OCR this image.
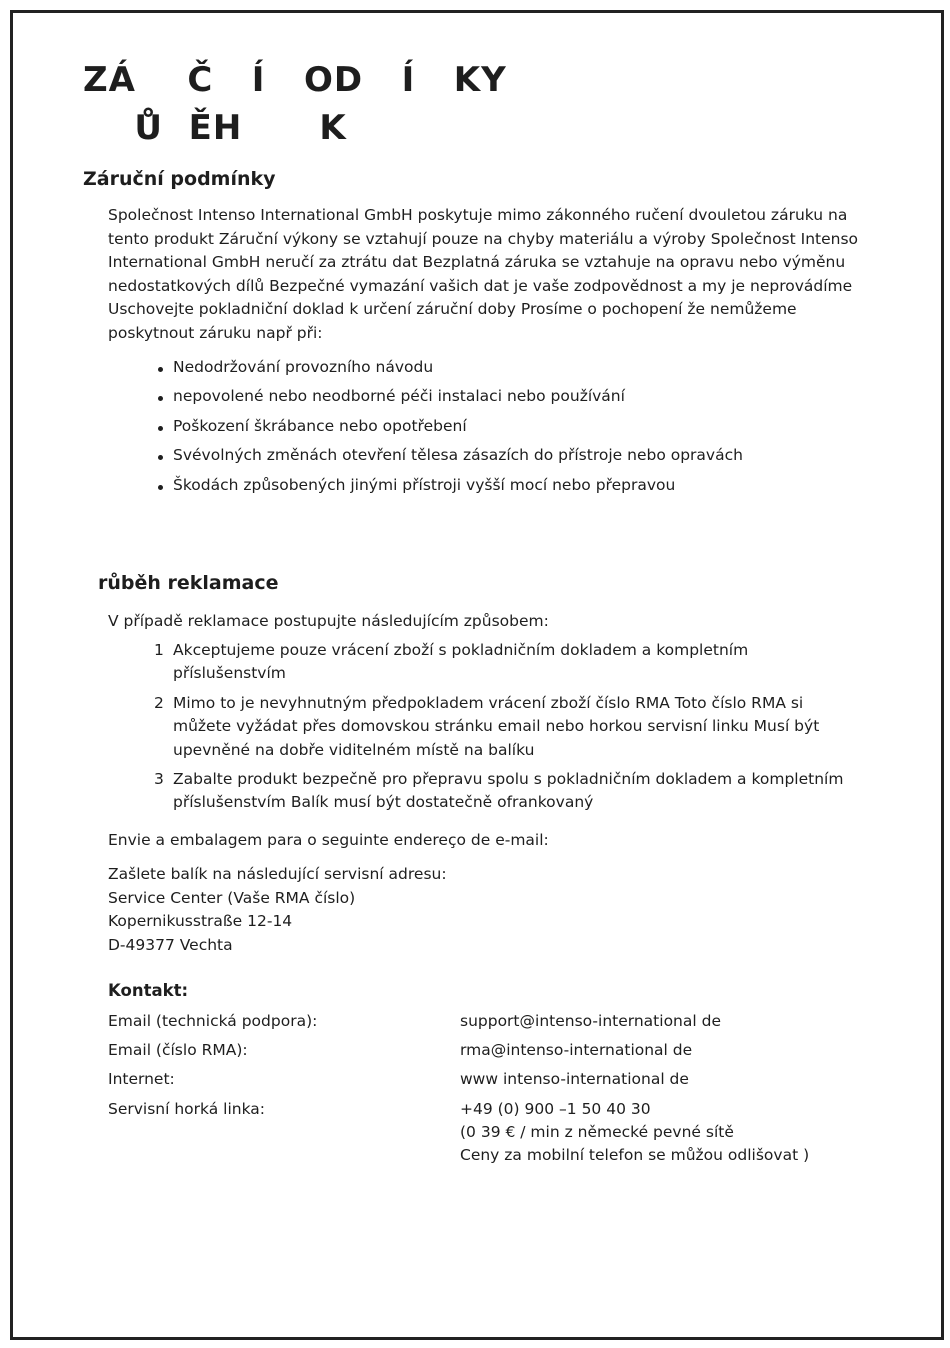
ZÁ    Č   Í   OD   Í   KY
Ů  ĚH      K
Záruční podmínky
Společnost Intenso International GmbH poskytuje mimo zákonného ručení dvouletou záruku na
tento produkt Záruční výkony se vztahují pouze na chyby materiálu a výroby Společnost Intenso
International GmbH neručí za ztrátu dat Bezplatná záruka se vztahuje na opravu nebo výměnu
nedostatkových dílů Bezpečné vymazání vašich dat je vaše zodpovědnost a my je neprovádíme
Uschovejte pokladniční doklad k určení záruční doby Prosíme o pochopení že nemůžeme
poskytnout záruku např při:
Nedodržování provozního návodu
nepovolené nebo neodborné péči instalaci nebo používání
Poškození škrábance nebo opotřebení
Svévolných změnách otevření tělesa zásazích do přístroje nebo opravách
Škodách způsobených jinými přístroji vyšší mocí nebo přepravou
růběh reklamace
V případě reklamace postupujte následujícím způsobem:
1 Akceptujeme pouze vrácení zboží s pokladničním dokladem a kompletním
příslušenstvím
2 Mimo to je nevyhnutným předpokladem vrácení zboží číslo RMA Toto číslo RMA si
můžete vyžádat přes domovskou stránku email nebo horkou servisní linku Musí být
upevněné na dobře viditelném místě na balíku
3 Zabalte produkt bezpečně pro přepravu spolu s pokladničním dokladem a kompletním
příslušenstvím Balík musí být dostatečně ofrankovaný
Envie a embalagem para o seguinte endereço de e-mail:
Zašlete balík na následující servisní adresu:
Service Center (Vaše RMA číslo)
Kopernikusstraße 12-14
D-49377 Vechta
Kontakt:
Email (technická podpora):	support@intenso-international de
Email (číslo RMA):	rma@intenso-international de
Internet:	www intenso-international de
Servisní horká linka:	+49 (0) 900 –1 50 40 30
(0 39 € / min z německé pevné sítě
Ceny za mobilní telefon se můžou odlišovat )
